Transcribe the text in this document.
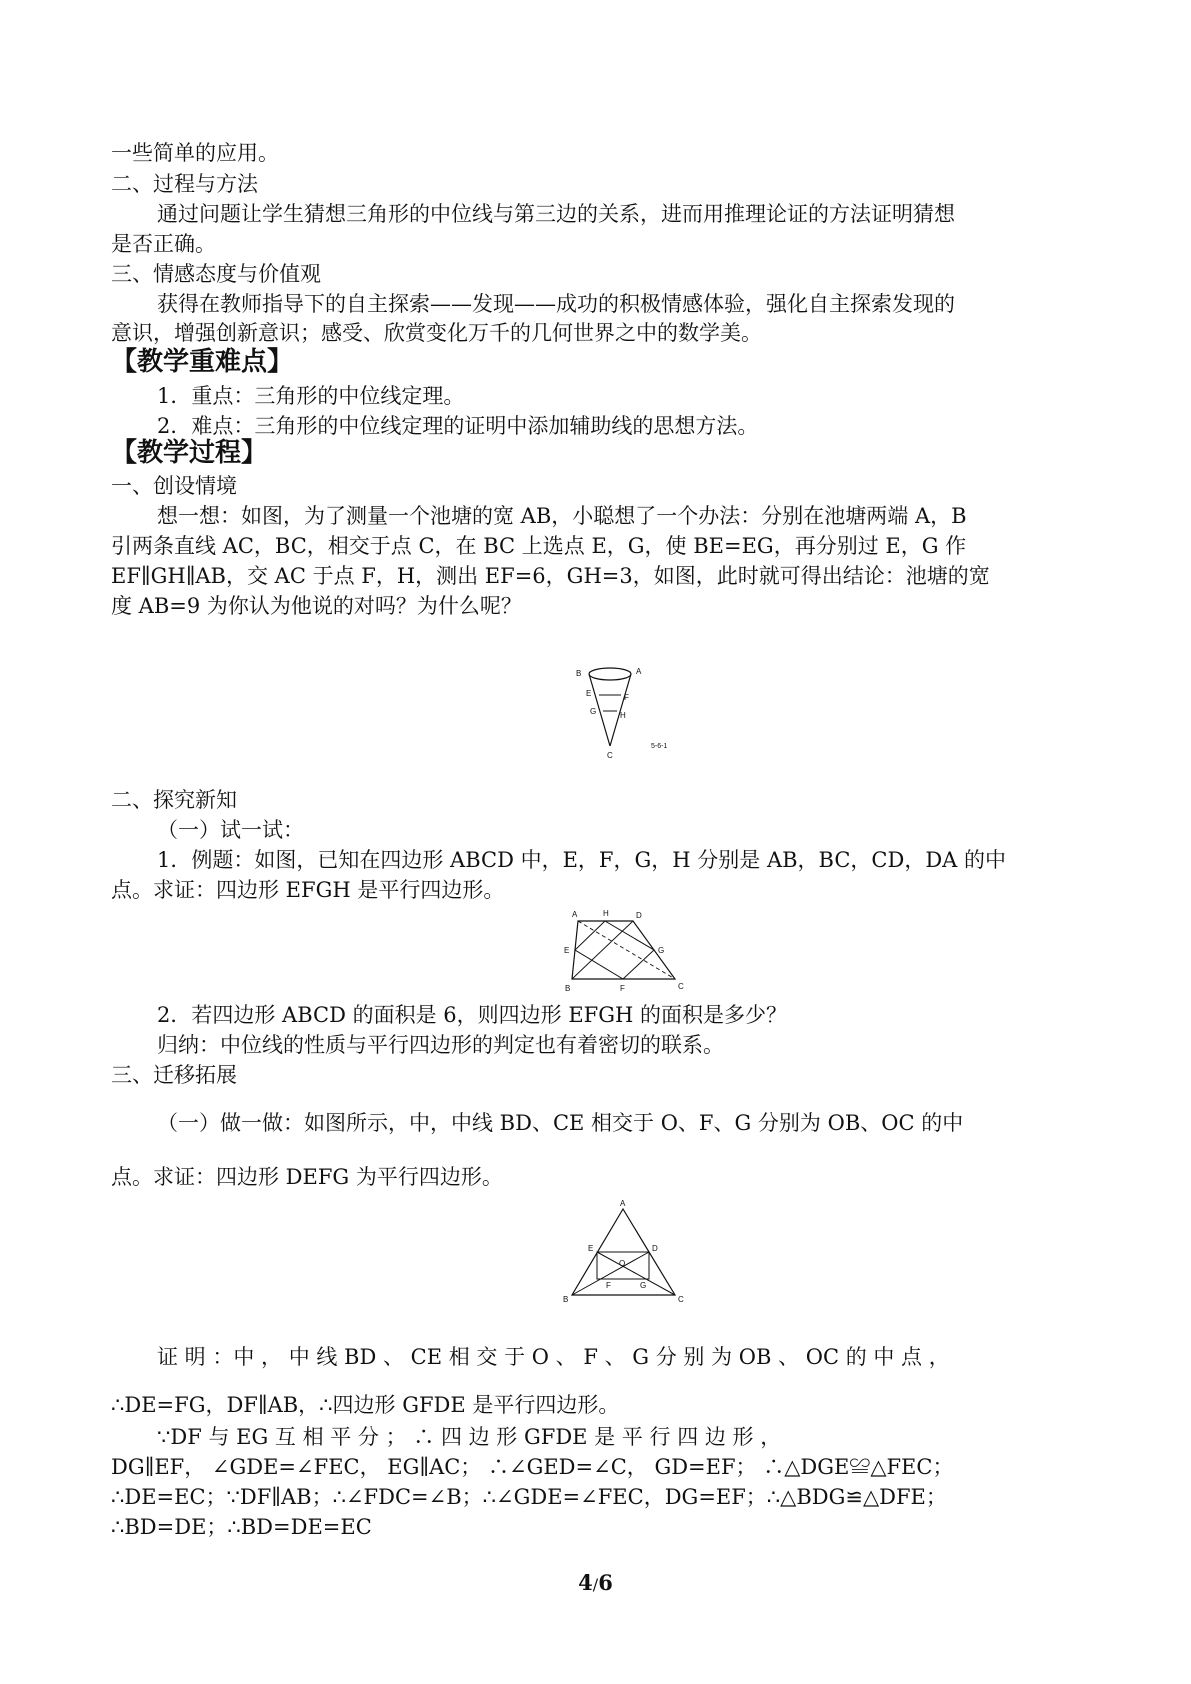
一些简单的应用。
二、过程与方法
通过问题让学生猜想三角形的中位线与第三边的关系，进而用推理论证的方法证明猜想
是否正确。
三、情感态度与价值观
获得在教师指导下的自主探索——发现——成功的积极情感体验，强化自主探索发现的
意识，增强创新意识；感受、欣赏变化万千的几何世界之中的数学美。
【教学重难点】
1．重点：三角形的中位线定理。
2．难点：三角形的中位线定理的证明中添加辅助线的思想方法。
【教学过程】
一、创设情境
想一想：如图，为了测量一个池塘的宽 AB，小聪想了一个办法：分别在池塘两端 A，B
引两条直线 AC，BC，相交于点 C，在 BC 上选点 E，G，使 BE=EG，再分别过 E，G 作
EF∥GH∥AB，交 AC 于点 F，H，测出 EF=6，GH=3，如图，此时就可得出结论：池塘的宽
度 AB=9 为你认为他说的对吗？为什么呢？
B	A
E	F
G	H
C
5-6-1
二、探究新知
（一）试一试：
1．例题：如图，已知在四边形 ABCD 中，E，F，G，H 分别是 AB，BC，CD，DA 的中
点。求证：四边形 EFGH 是平行四边形。
A	H	D
E	G
B	F	C
2．若四边形 ABCD 的面积是 6，则四边形 EFGH 的面积是多少？
归纳：中位线的性质与平行四边形的判定也有着密切的联系。
三、迁移拓展
（一）做一做：如图所示，中，中线 BD、CE 相交于 O、F、G 分别为 OB、OC 的中
点。求证：四边形 DEFG 为平行四边形。
A
E	D
O
B
F	G
C
证 明 ：中 ， 中 线 BD 、 CE 相 交 于 O 、 F 、 G 分 别 为 OB 、 OC 的 中 点 ，
∴DE=FG，DF∥AB，∴四边形 GFDE 是平行四边形。
∵DF 与 EG 互 相 平 分 ； ∴ 四 边 形 GFDE 是 平 行 四 边 形 ，
DG∥EF， ∠GDE=∠FEC， EG∥AC； ∴∠GED=∠C， GD=EF； ∴△DGE≌△FEC；
∴DE=EC；∵DF∥AB；∴∠FDC=∠B；∴∠GDE=∠FEC，DG=EF；∴△BDG≌△DFE；
∴BD=DE；∴BD=DE=EC
4/6
